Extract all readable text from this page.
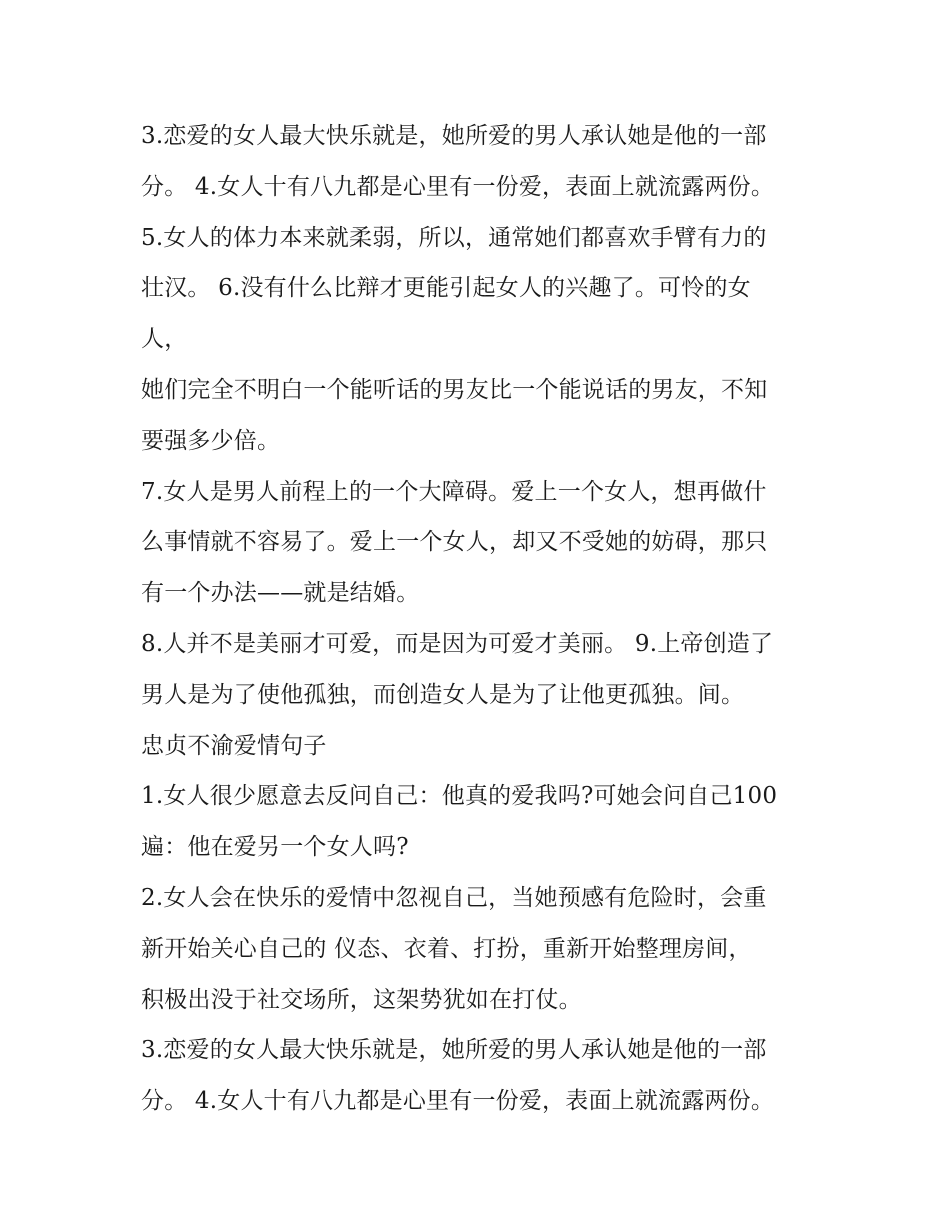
3.恋爱的女人最大快乐就是，她所爱的男人承认她是他的一部
分。 4.女人十有八九都是心里有一份爱，表面上就流露两份。
5.女人的体力本来就柔弱，所以，通常她们都喜欢手臂有力的
壮汉。 6.没有什么比辩才更能引起女人的兴趣了。可怜的女
人，
她们完全不明白一个能听话的男友比一个能说话的男友，不知
要强多少倍。
7.女人是男人前程上的一个大障碍。爱上一个女人，想再做什
么事情就不容易了。爱上一个女人，却又不受她的妨碍，那只
有一个办法——就是结婚。
8.人并不是美丽才可爱，而是因为可爱才美丽。 9.上帝创造了
男人是为了使他孤独，而创造女人是为了让他更孤独。间。
忠贞不渝爱情句子
1.女人很少愿意去反问自己：他真的爱我吗?可她会问自己100
遍：他在爱另一个女人吗?
2.女人会在快乐的爱情中忽视自己，当她预感有危险时，会重
新开始关心自己的 仪态、衣着、打扮，重新开始整理房间，
积极出没于社交场所，这架势犹如在打仗。
3.恋爱的女人最大快乐就是，她所爱的男人承认她是他的一部
分。 4.女人十有八九都是心里有一份爱，表面上就流露两份。
